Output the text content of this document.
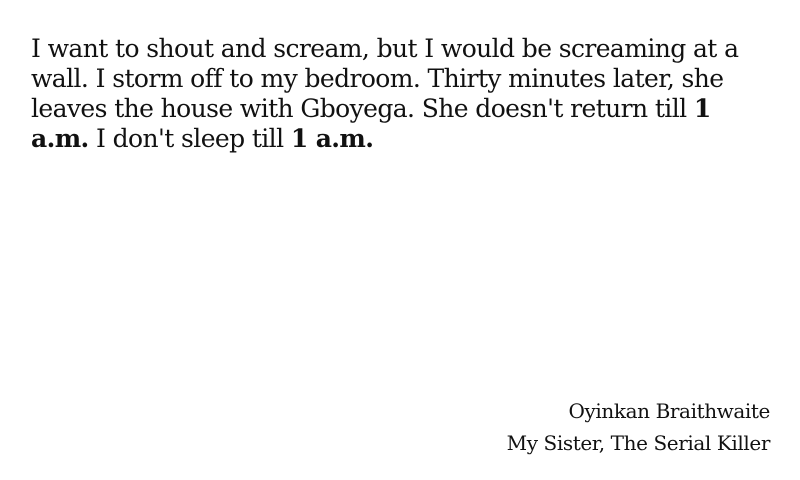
I want to shout and scream, but I would be screaming at a wall. I storm off to my bedroom. Thirty minutes later, she leaves the house with Gboyega. She doesn't return till 1 a.m. I don't sleep till 1 a.m.

Oyinkan Braithwaite
My Sister, The Serial Killer
